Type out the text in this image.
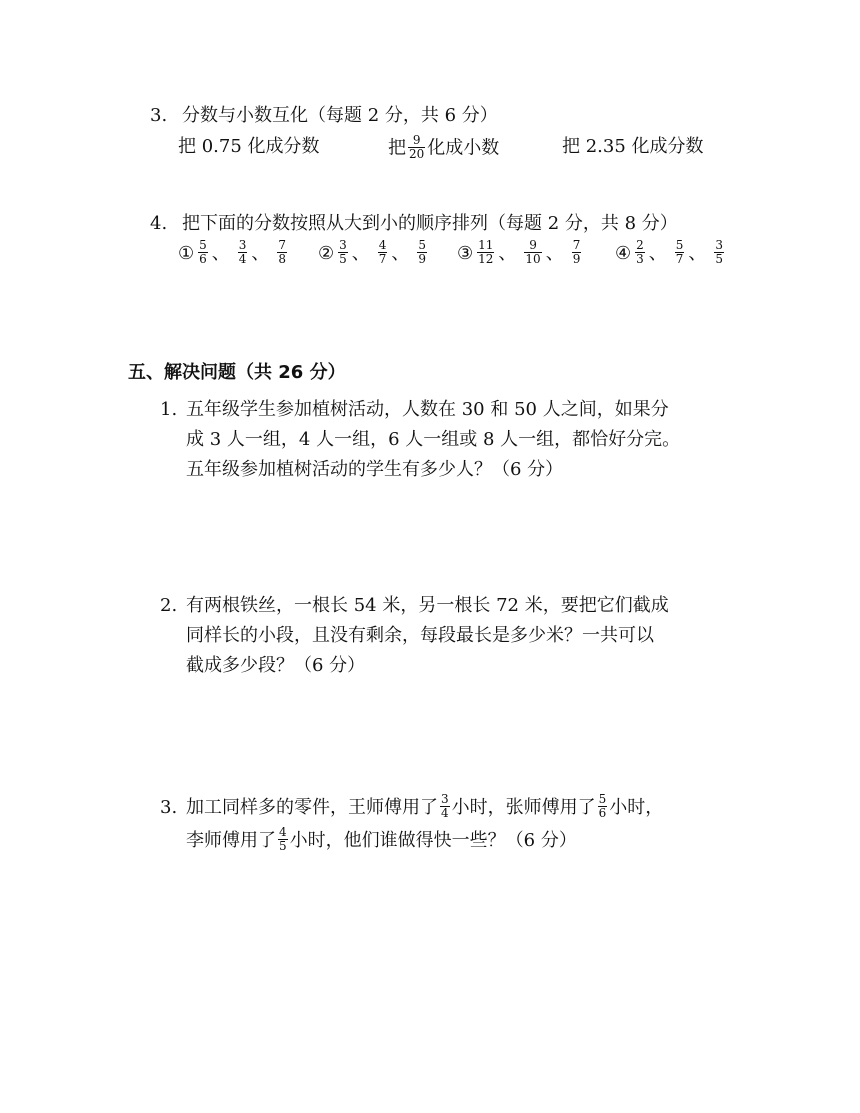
3. 分数与小数互化（每题 2 分，共 6 分）
把 0.75 化成分数	把 $\frac{9}{20}$ 化成小数	把 2.35 化成分数
4. 把下面的分数按照从大到小的顺序排列（每题 2 分，共 8 分）
① $\frac{5}{6}$ 、 $\frac{3}{4}$ 、 $\frac{7}{8}$ ② $\frac{3}{5}$ 、 $\frac{4}{7}$ 、 $\frac{5}{9}$ ③ $\frac{11}{12}$ 、 $\frac{9}{10}$ 、 $\frac{7}{9}$ ④ $\frac{2}{3}$ 、 $\frac{5}{7}$ 、 $\frac{3}{5}$
五、解决问题（共 26 分）
1. 五年级学生参加植树活动，人数在 30 和 50 人之间，如果分
成 3 人一组，4 人一组，6 人一组或 8 人一组，都恰好分完。
五年级参加植树活动的学生有多少人？（6 分）
2. 有两根铁丝，一根长 54 米，另一根长 72 米，要把它们截成
同样长的小段，且没有剩余，每段最长是多少米？一共可以
截成多少段？（6 分）
3. 加工同样多的零件，王师傅用了 $\frac{3}{4}$ 小时，张师傅用了 $\frac{5}{6}$ 小时，
李师傅用了 $\frac{4}{5}$ 小时，他们谁做得快一些？（6 分）
